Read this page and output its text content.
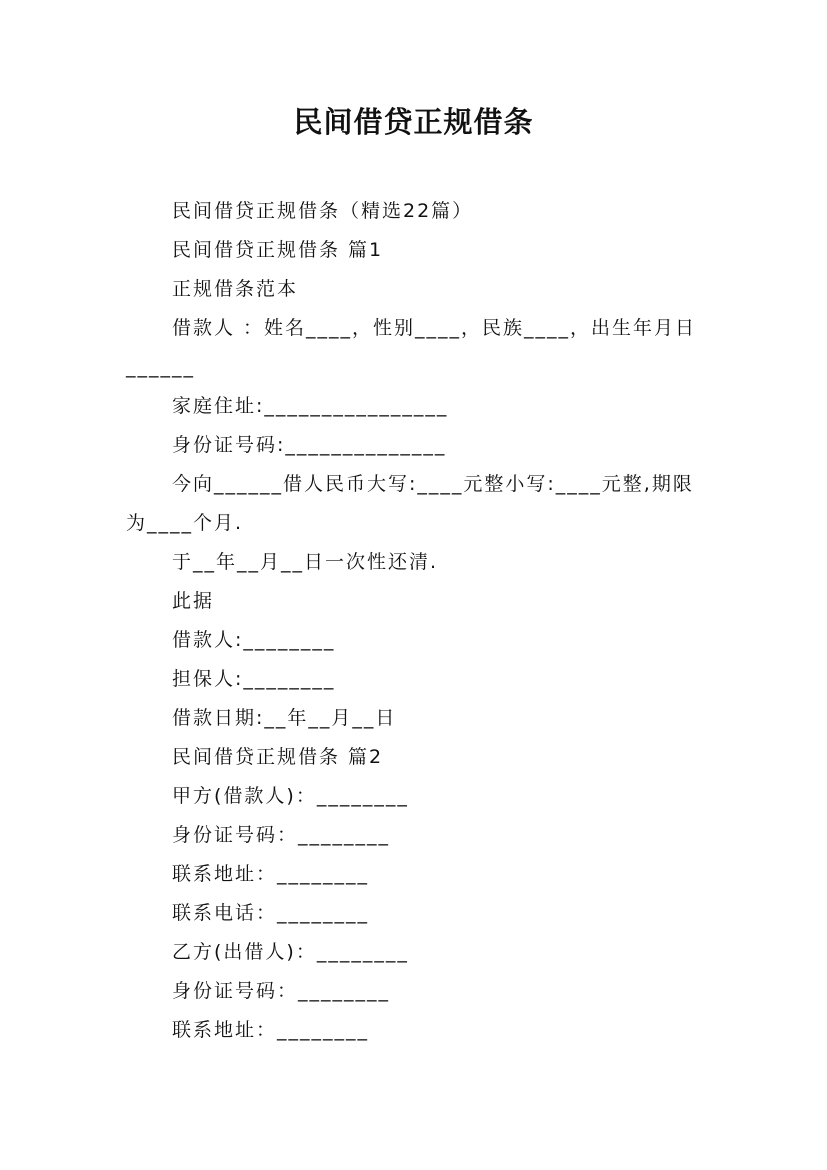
民间借贷正规借条

民间借贷正规借条（精选22篇）

民间借贷正规借条 篇1

正规借条范本

借款人 ：姓名____，性别____，民族____，出生年月日______

家庭住址:________________

身份证号码:______________

今向______借人民币大写:____元整小写:____元整,期限为____个月.

于__年__月__日一次性还清.

此据

借款人:________

担保人:________

借款日期:__年__月__日

民间借贷正规借条 篇2

甲方(借款人)：________

身份证号码：________

联系地址：________

联系电话：________

乙方(出借人)：________

身份证号码：________

联系地址：________
